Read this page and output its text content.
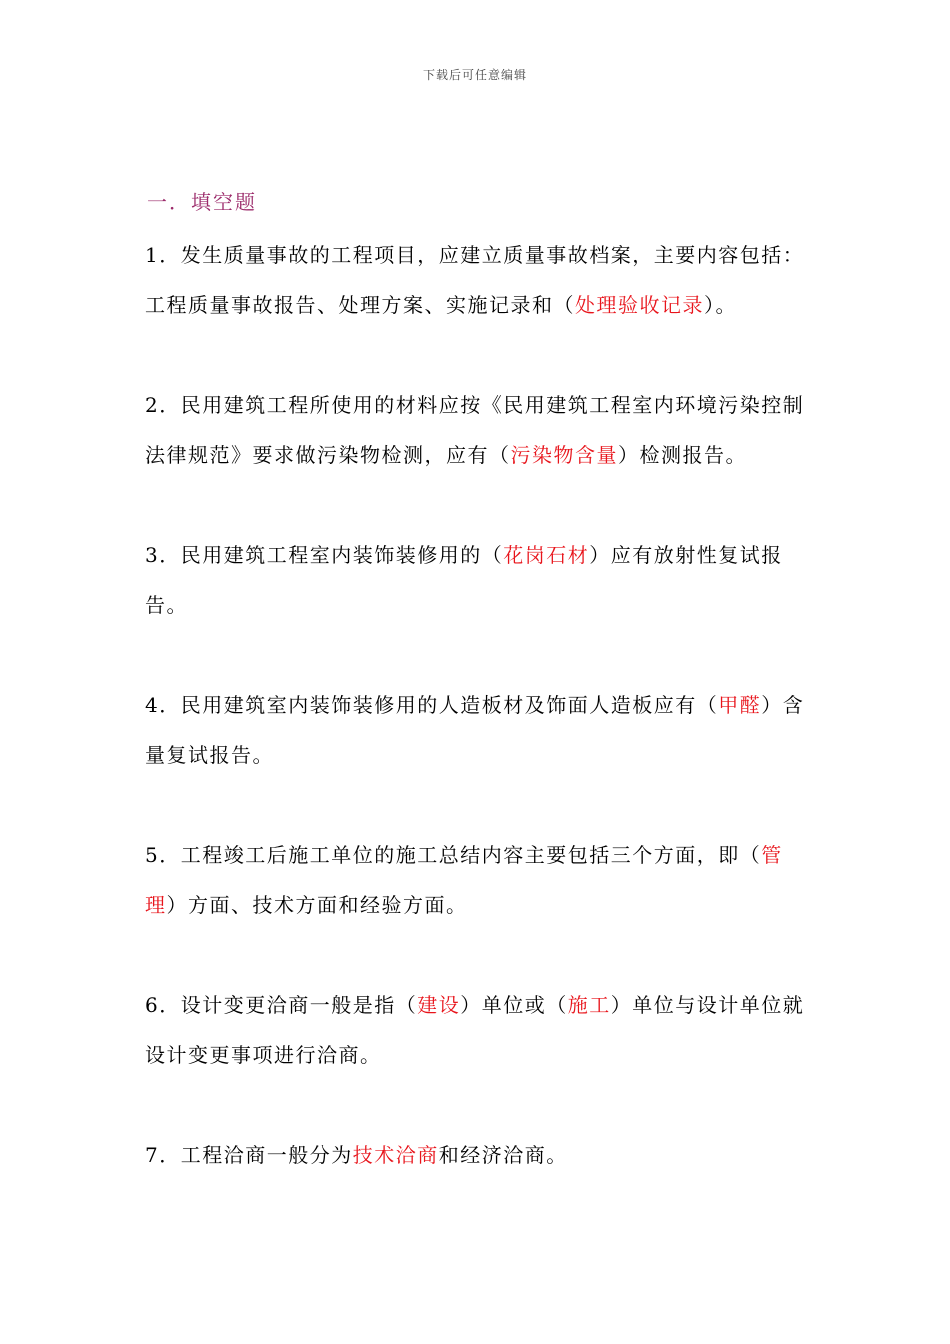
下载后可任意编辑
一．填空题

1．发生质量事故的工程项目，应建立质量事故档案，主要内容包括：工程质量事故报告、处理方案、实施记录和（处理验收记录）。

2．民用建筑工程所使用的材料应按《民用建筑工程室内环境污染控制法律规范》要求做污染物检测，应有（污染物含量）检测报告。

3．民用建筑工程室内装饰装修用的（花岗石材）应有放射性复试报告。

4．民用建筑室内装饰装修用的人造板材及饰面人造板应有（甲醛）含量复试报告。

5．工程竣工后施工单位的施工总结内容主要包括三个方面，即（管理）方面、技术方面和经验方面。

6．设计变更洽商一般是指（建设）单位或（施工）单位与设计单位就设计变更事项进行洽商。

7．工程洽商一般分为技术洽商和经济洽商。
